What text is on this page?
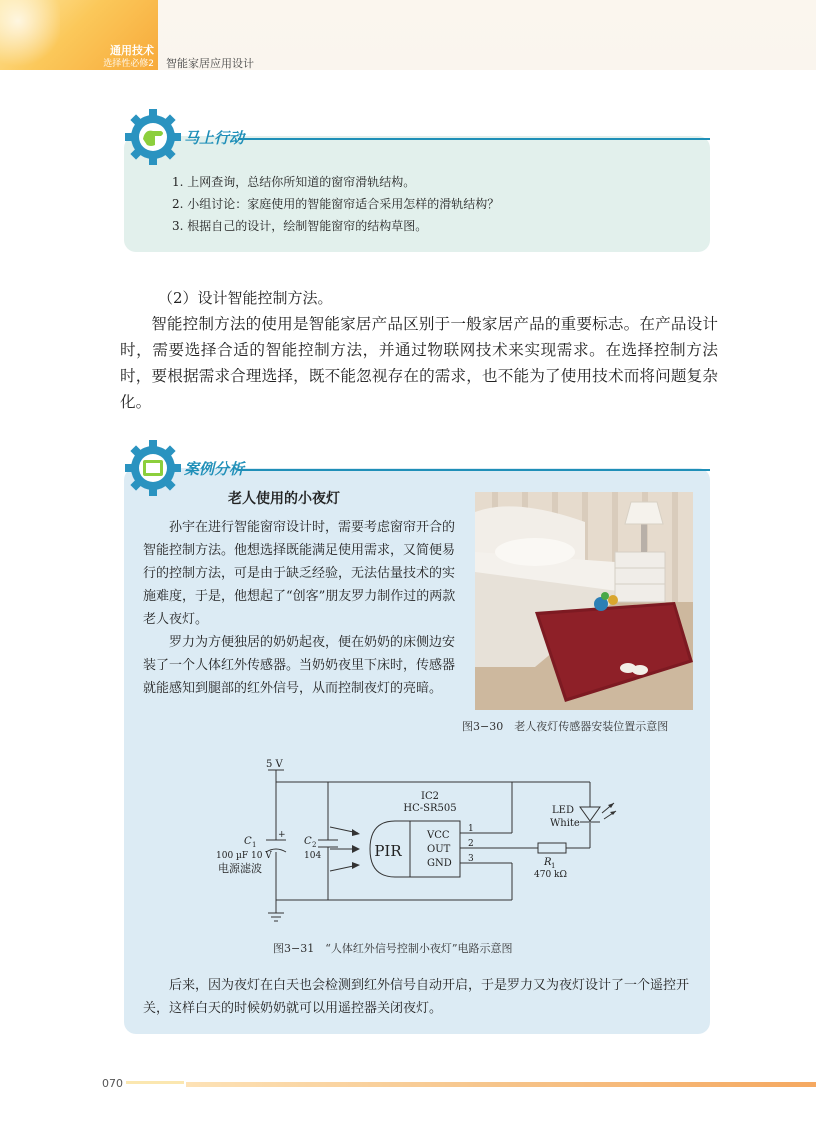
通用技术
选择性必修2 智能家居应用设计
马上行动
1. 上网查询，总结你所知道的窗帘滑轨结构。
2. 小组讨论：家庭使用的智能窗帘适合采用怎样的滑轨结构？
3. 根据自己的设计，绘制智能窗帘的结构草图。
（2）设计智能控制方法。
智能控制方法的使用是智能家居产品区别于一般家居产品的重要标志。在产品设计时，需要选择合适的智能控制方法，并通过物联网技术来实现需求。在选择控制方法时，要根据需求合理选择，既不能忽视存在的需求，也不能为了使用技术而将问题复杂化。
案例分析
老人使用的小夜灯

孙宇在进行智能窗帘设计时，需要考虑窗帘开合的智能控制方法。他想选择既能满足使用需求，又简便易行的控制方法，可是由于缺乏经验，无法估量技术的实施难度，于是，他想起了“创客”朋友罗力制作过的两款老人夜灯。

罗力为方便独居的奶奶起夜，便在奶奶的床侧边安装了一个人体红外传感器。当奶奶夜里下床时，传感器就能感知到腿部的红外信号，从而控制夜灯的亮暗。

图3−30　老人夜灯传感器安装位置示意图
5 V
IC2
HC-SR505
PIR
VCC
OUT
GND
1
2
3
C 1
+
100 µF 10 V
电源滤波
C 2
104
LED
White
R 1
470 kΩ
图3−31　“人体红外信号控制小夜灯”电路示意图
后来，因为夜灯在白天也会检测到红外信号自动开启，于是罗力又为夜灯设计了一个遥控开关，这样白天的时候奶奶就可以用遥控器关闭夜灯。
070
